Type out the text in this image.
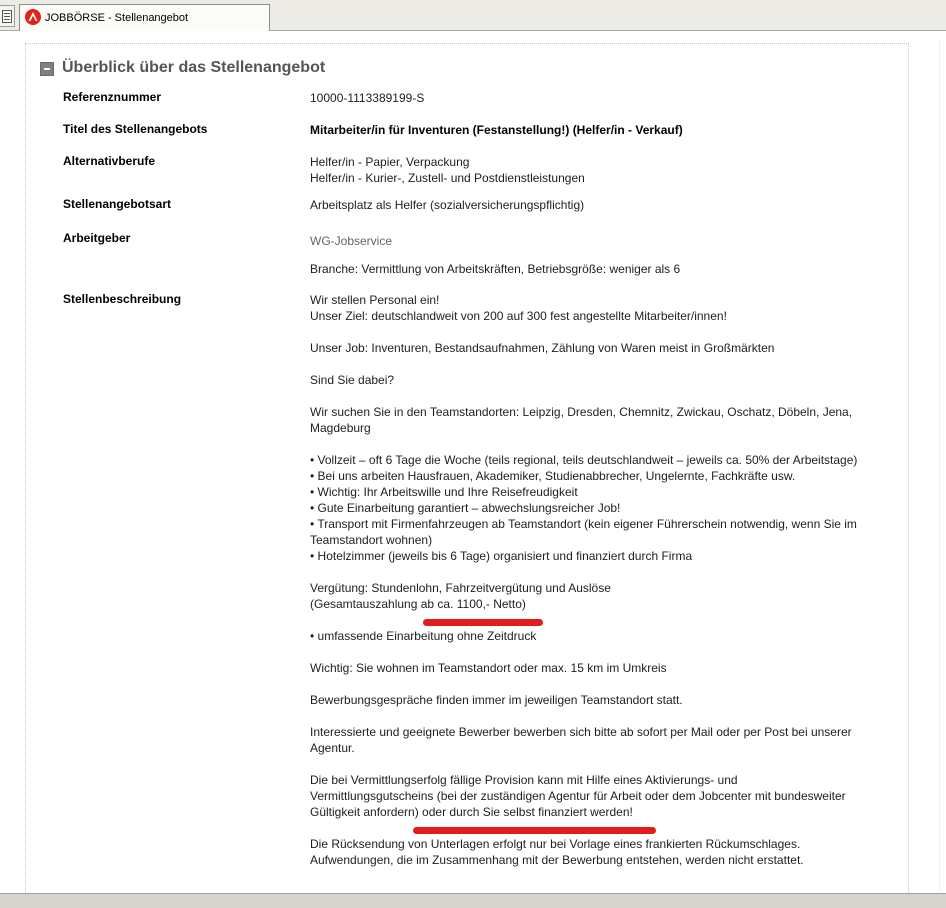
JOBBÖRSE - Stellenangebot
Überblick über das Stellenangebot
Referenznummer	10000-1113389199-S

Titel des Stellenangebots	Mitarbeiter/in für Inventuren (Festanstellung!) (Helfer/in - Verkauf)

Alternativberufe	Helfer/in - Papier, Verpackung

Helfer/in - Kurier-, Zustell- und Postdienstleistungen

Stellenangebotsart	Arbeitsplatz als Helfer (sozialversicherungspflichtig)

Arbeitgeber	WG-Jobservice

Branche: Vermittlung von Arbeitskräften, Betriebsgröße: weniger als 6

Stellenbeschreibung	Wir stellen Personal ein!

Unser Ziel: deutschlandweit von 200 auf 300 fest angestellte Mitarbeiter/innen!

Unser Job: Inventuren, Bestandsaufnahmen, Zählung von Waren meist in Großmärkten

Sind Sie dabei?

Wir suchen Sie in den Teamstandorten: Leipzig, Dresden, Chemnitz, Zwickau, Oschatz, Döbeln, Jena,

Magdeburg

• Vollzeit – oft 6 Tage die Woche (teils regional, teils deutschlandweit – jeweils ca. 50% der Arbeitstage)

• Bei uns arbeiten Hausfrauen, Akademiker, Studienabbrecher, Ungelernte, Fachkräfte usw.

• Wichtig: Ihr Arbeitswille und Ihre Reisefreudigkeit

• Gute Einarbeitung garantiert – abwechslungsreicher Job!

• Transport mit Firmenfahrzeugen ab Teamstandort (kein eigener Führerschein notwendig, wenn Sie im

Teamstandort wohnen)

• Hotelzimmer (jeweils bis 6 Tage) organisiert und finanziert durch Firma

Vergütung: Stundenlohn, Fahrzeitvergütung und Auslöse

(Gesamtauszahlung ab ca. 1100,- Netto)

• umfassende Einarbeitung ohne Zeitdruck

Wichtig: Sie wohnen im Teamstandort oder max. 15 km im Umkreis

Bewerbungsgespräche finden immer im jeweiligen Teamstandort statt.

Interessierte und geeignete Bewerber bewerben sich bitte ab sofort per Mail oder per Post bei unserer

Agentur.

Die bei Vermittlungserfolg fällige Provision kann mit Hilfe eines Aktivierungs- und

Vermittlungsgutscheins (bei der zuständigen Agentur für Arbeit oder dem Jobcenter mit bundesweiter

Gültigkeit anfordern) oder durch Sie selbst finanziert werden!

Die Rücksendung von Unterlagen erfolgt nur bei Vorlage eines frankierten Rückumschlages.

Aufwendungen, die im Zusammenhang mit der Bewerbung entstehen, werden nicht erstattet.
